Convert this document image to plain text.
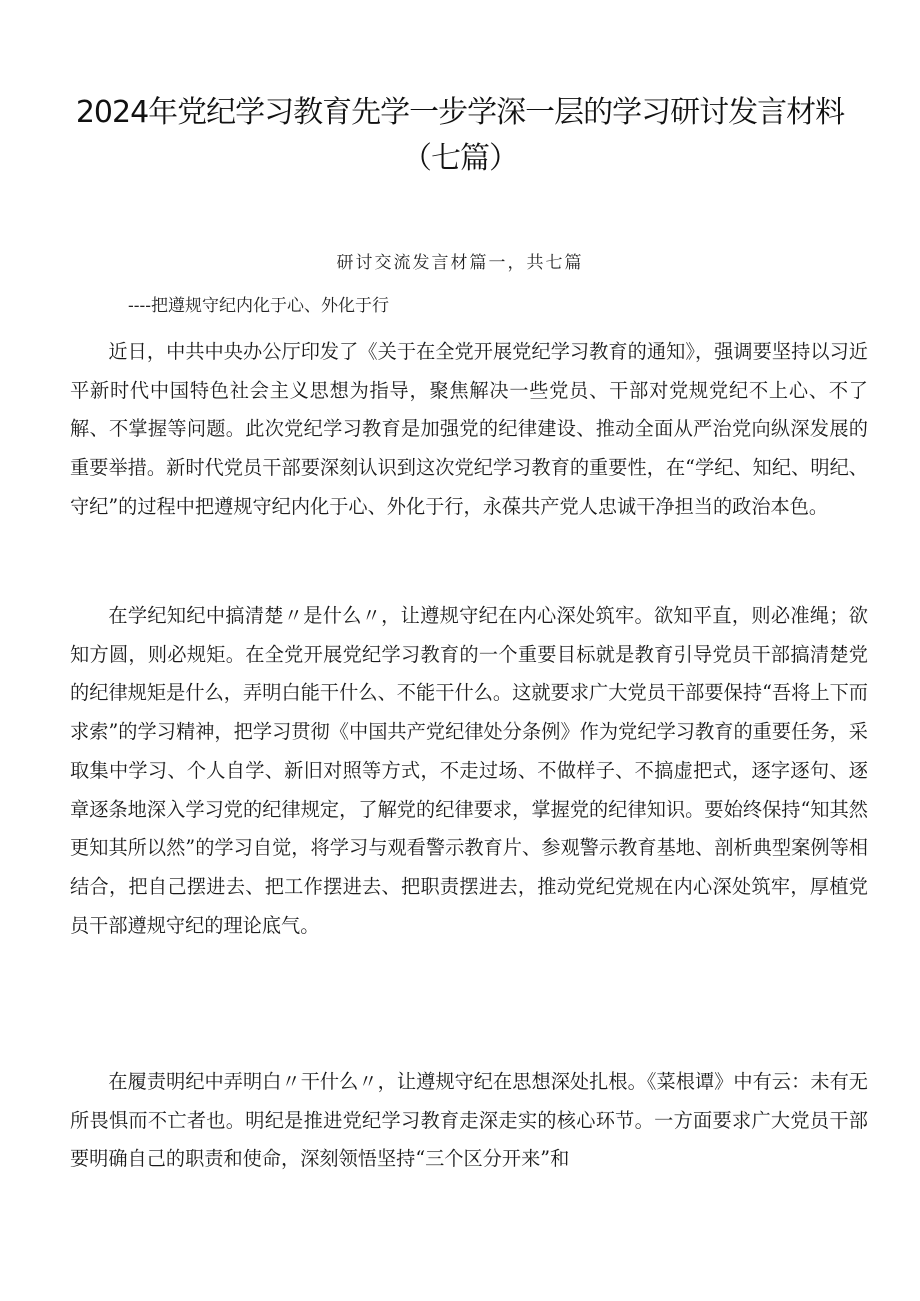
2024年党纪学习教育先学一步学深一层的学习研讨发言材料
（七篇）
研讨交流发言材篇一，共七篇
----把遵规守纪内化于心、外化于行

近日，中共中央办公厅印发了《关于在全党开展党纪学习教育的通知》，强调要坚持以习近平新时代中国特色社会主义思想为指导，聚焦解决一些党员、干部对党规党纪不上心、不了解、不掌握等问题。此次党纪学习教育是加强党的纪律建设、推动全面从严治党向纵深发展的重要举措。新时代党员干部要深刻认识到这次党纪学习教育的重要性，在“学纪、知纪、明纪、守纪”的过程中把遵规守纪内化于心、外化于行，永葆共产党人忠诚干净担当的政治本色。

在学纪知纪中搞清楚〃是什么〃，让遵规守纪在内心深处筑牢。欲知平直，则必准绳；欲知方圆，则必规矩。在全党开展党纪学习教育的一个重要目标就是教育引导党员干部搞清楚党的纪律规矩是什么，弄明白能干什么、不能干什么。这就要求广大党员干部要保持“吾将上下而求索”的学习精神，把学习贯彻《中国共产党纪律处分条例》作为党纪学习教育的重要任务，采取集中学习、个人自学、新旧对照等方式，不走过场、不做样子、不搞虚把式，逐字逐句、逐章逐条地深入学习党的纪律规定，了解党的纪律要求，掌握党的纪律知识。要始终保持“知其然更知其所以然”的学习自觉，将学习与观看警示教育片、参观警示教育基地、剖析典型案例等相结合，把自己摆进去、把工作摆进去、把职责摆进去，推动党纪党规在内心深处筑牢，厚植党员干部遵规守纪的理论底气。

在履责明纪中弄明白〃干什么〃，让遵规守纪在思想深处扎根。《菜根谭》中有云：未有无所畏惧而不亡者也。明纪是推进党纪学习教育走深走实的核心环节。一方面要求广大党员干部要明确自己的职责和使命，深刻领悟坚持“三个区分开来”和
